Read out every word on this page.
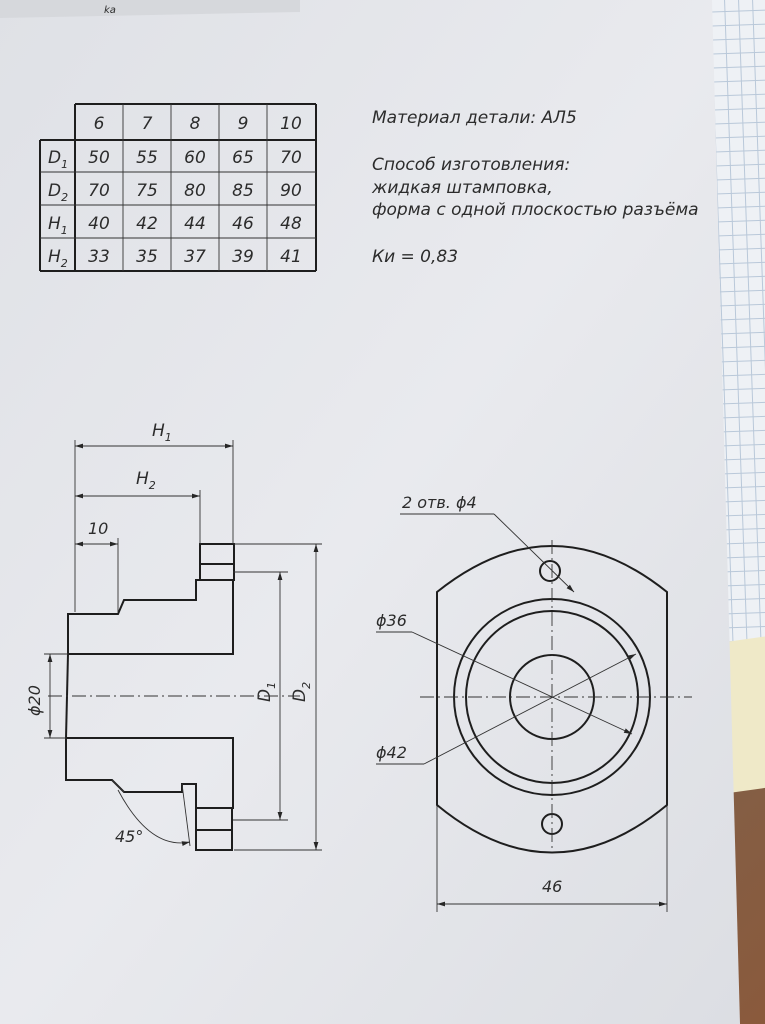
ka
6 7 8 9 10
$D_1$
$D_2$
$H_1$
$H_2$
50 55 60 65 70
70 75 80 85 90
40 42 44 46 48
33 35 37 39 41
Материал детали: АЛ5
Способ изготовления:
жидкая штамповка,
форма с одной плоскостью разъёма
Ки = 0,83
$H_1$
$H_2$
10
ϕ20	$D_1$
$D_2$
45°
ϕ36
ϕ42
2 отв. ϕ4
46
